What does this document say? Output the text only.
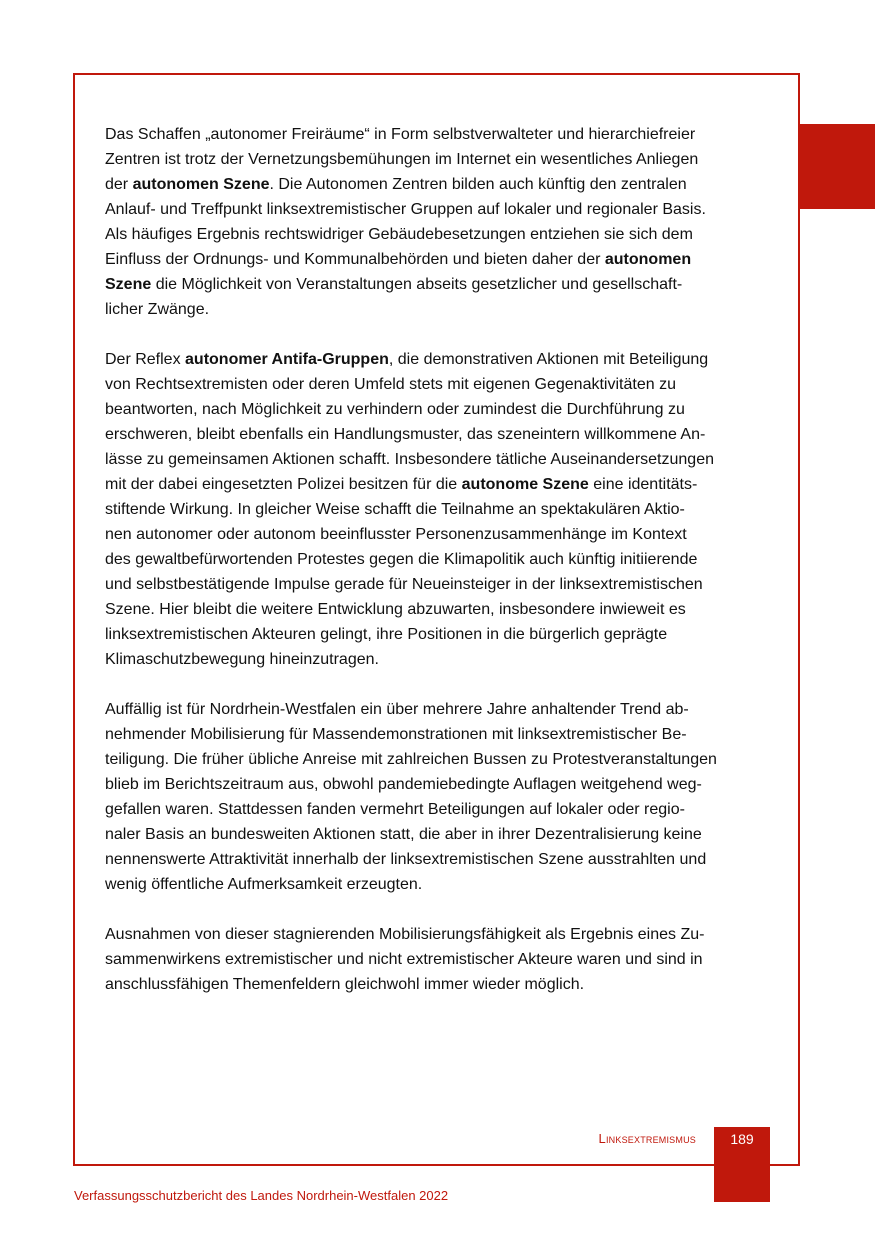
Das Schaffen „autonomer Freiräume“ in Form selbstverwalteter und hierarchiefreier
Zentren ist trotz der Vernetzungsbemühungen im Internet ein wesentliches Anliegen
der autonomen Szene. Die Autonomen Zentren bilden auch künftig den zentralen
Anlauf- und Treffpunkt linksextremistischer Gruppen auf lokaler und regionaler Basis.
Als häufiges Ergebnis rechtswidriger Gebäudebesetzungen entziehen sie sich dem
Einfluss der Ordnungs- und Kommunalbehörden und bieten daher der autonomen
Szene die Möglichkeit von Veranstaltungen abseits gesetzlicher und gesellschaft-
licher Zwänge.

Der Reflex autonomer Antifa-Gruppen, die demonstrativen Aktionen mit Beteiligung
von Rechtsextremisten oder deren Umfeld stets mit eigenen Gegenaktivitäten zu
beantworten, nach Möglichkeit zu verhindern oder zumindest die Durchführung zu
erschweren, bleibt ebenfalls ein Handlungsmuster, das szeneintern willkommene An-
lässe zu gemeinsamen Aktionen schafft. Insbesondere tätliche Auseinandersetzungen
mit der dabei eingesetzten Polizei besitzen für die autonome Szene eine identitäts-
stiftende Wirkung. In gleicher Weise schafft die Teilnahme an spektakulären Aktio-
nen autonomer oder autonom beeinflusster Personenzusammenhänge im Kontext
des gewaltbefürwortenden Protestes gegen die Klimapolitik auch künftig initiierende
und selbstbestätigende Impulse gerade für Neueinsteiger in der linksextremistischen
Szene. Hier bleibt die weitere Entwicklung abzuwarten, insbesondere inwieweit es
linksextremistischen Akteuren gelingt, ihre Positionen in die bürgerlich geprägte
Klimaschutzbewegung hineinzutragen.

Auffällig ist für Nordrhein-Westfalen ein über mehrere Jahre anhaltender Trend ab-
nehmender Mobilisierung für Massendemonstrationen mit linksextremistischer Be-
teiligung. Die früher übliche Anreise mit zahlreichen Bussen zu Protestveranstaltungen
blieb im Berichtszeitraum aus, obwohl pandemiebedingte Auflagen weitgehend weg-
gefallen waren. Stattdessen fanden vermehrt Beteiligungen auf lokaler oder regio-
naler Basis an bundesweiten Aktionen statt, die aber in ihrer Dezentralisierung keine
nennenswerte Attraktivität innerhalb der linksextremistischen Szene ausstrahlten und
wenig öffentliche Aufmerksamkeit erzeugten.

Ausnahmen von dieser stagnierenden Mobilisierungsfähigkeit als Ergebnis eines Zu-
sammenwirkens extremistischer und nicht extremistischer Akteure waren und sind in
anschlussfähigen Themenfeldern gleichwohl immer wieder möglich.

Linksextremismus	189
Verfassungsschutzbericht des Landes Nordrhein-Westfalen 2022
